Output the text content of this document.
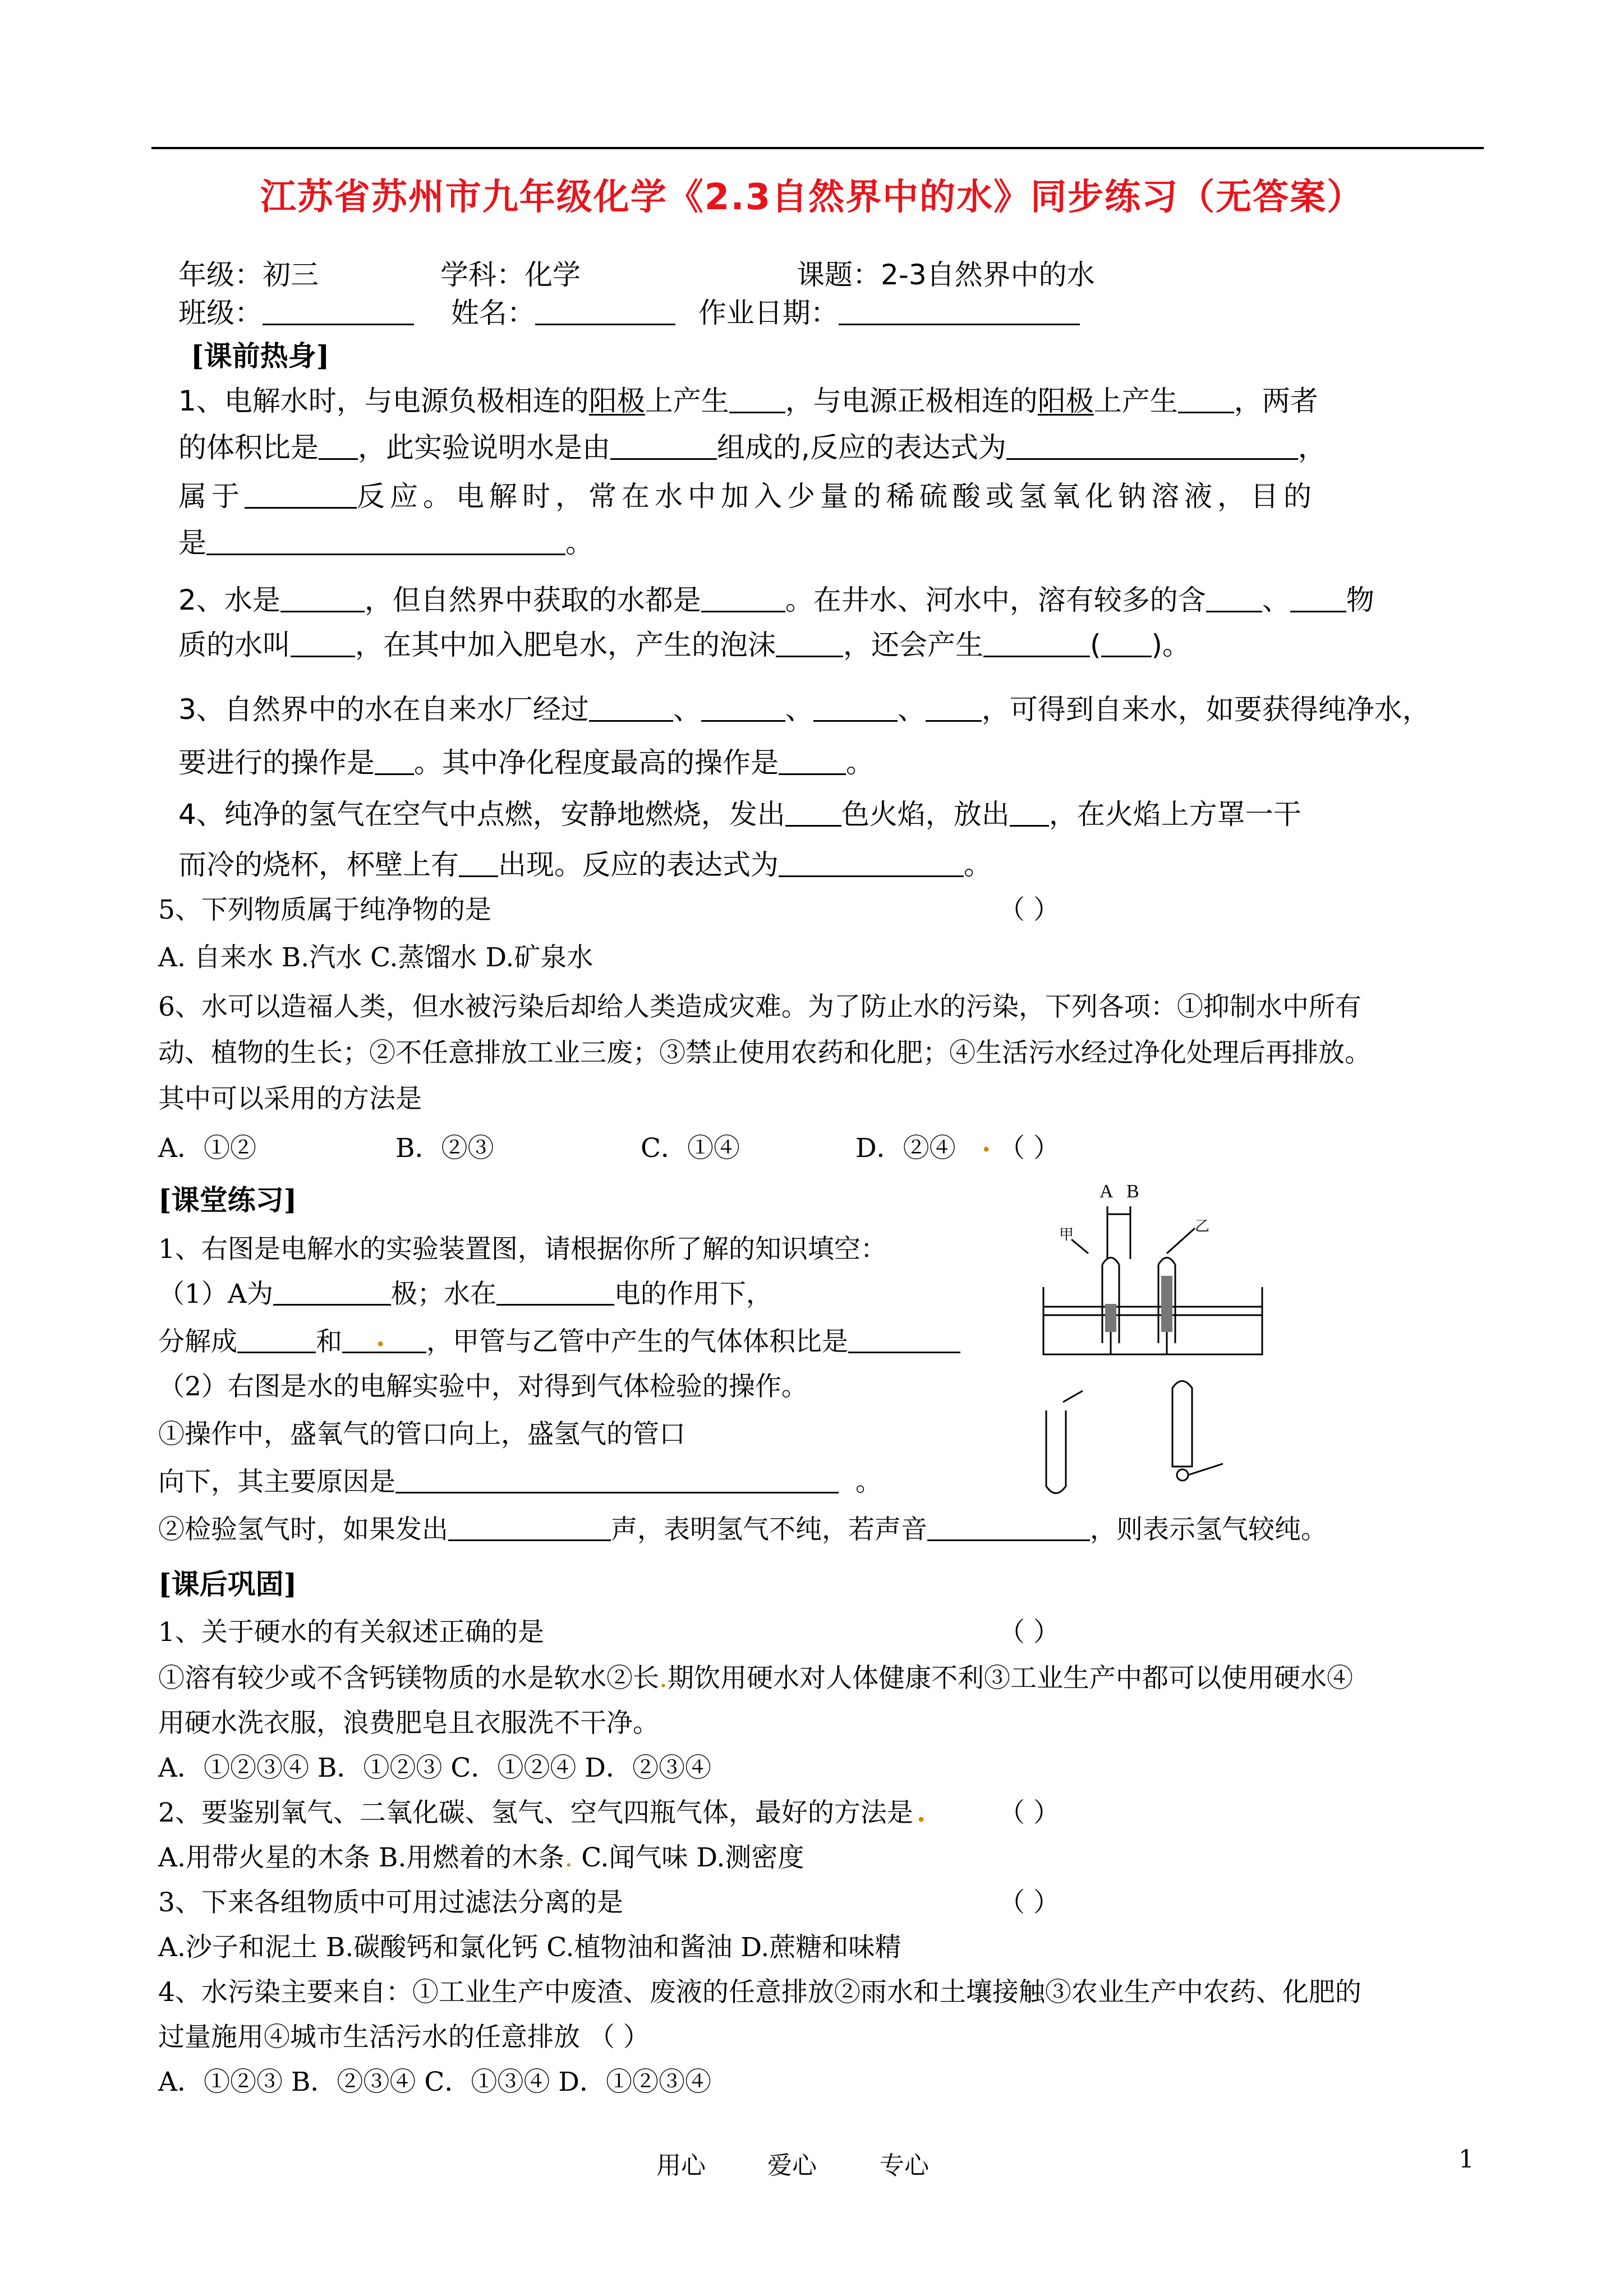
江苏省苏州市九年级化学《2.3自然界中的水》同步练习（无答案）
年级：初三	学科：化学	课题：2-3自然界中的水
班级：	姓名：	作业日期：
[课前热身]
1、电解水时，与电源负极相连的阳极上产生 ，与电源正极相连的阳极上产生 ，两者
的体积比是 ，此实验说明水是由	组成的,反应的表达式为	，
属于	反应。电解时，常在水中加入少量的稀硫酸或氢氧化钠溶液，目的
是	。
2、水是	，但自然界中获取的水都是	。在井水、河水中，溶有较多的含 、 物
质的水叫 ，在其中加入肥皂水，产生的泡沫 ，还会产生	( )。
3、自然界中的水在自来水厂经过	、	、	、 ，可得到自来水，如要获得纯净水，
要进行的操作是 。其中净化程度最高的操作是 。
4、纯净的氢气在空气中点燃，安静地燃烧，发出 色火焰，放出 ，在火焰上方罩一干
而冷的烧杯，杯壁上有 出现。反应的表达式为	。
5、下列物质属于纯净物的是	（ ）
A. 自来水 B.汽水 C.蒸馏水 D.矿泉水
6、水可以造福人类，但水被污染后却给人类造成灾难。为了防止水的污染，下列各项：①抑制水中所有
动、植物的生长；②不任意排放工业三废；③禁止使用农药和化肥；④生活污水经过净化处理后再排放。
其中可以采用的方法是
A．①②	B．②③	C．①④	D．②④ . （ ）
[课堂练习]
1、右图是电解水的实验装置图，请根据你所了解的知识填空：
（1）A为	极；水在	电的作用下，
分解成	和 . ，甲管与乙管中产生的气体体积比是
（2）右图是水的电解实验中，对得到气体检验的操作。
①操作中，盛氧气的管口向上，盛氢气的管口
向下，其主要原因是	。
②检验氢气时，如果发出	声，表明氢气不纯，若声音	，则表示氢气较纯。
A B
甲
乙
[课后巩固]
1、关于硬水的有关叙述正确的是	（ ）
①溶有较少或不含钙镁物质的水是软水②长.期饮用硬水对人体健康不利③工业生产中都可以使用硬水④
用硬水洗衣服，浪费肥皂且衣服洗不干净。
A．①②③④ B．①②③ C．①②④ D．②③④
2、要鉴别氧气、二氧化碳、氢气、空气四瓶气体，最好的方法是 .	（ ）
A.用带火星的木条 B.用燃着的木条. C.闻气味 D.测密度
3、下来各组物质中可用过滤法分离的是	（ ）
A.沙子和泥土 B.碳酸钙和氯化钙 C.植物油和酱油 D.蔗糖和味精
4、水污染主要来自：①工业生产中废渣、废液的任意排放②雨水和土壤接触③农业生产中农药、化肥的
过量施用④城市生活污水的任意排放 （ ）
A．①②③ B．②③④ C．①③④ D．①②③④
用心	爱心	专心	1
